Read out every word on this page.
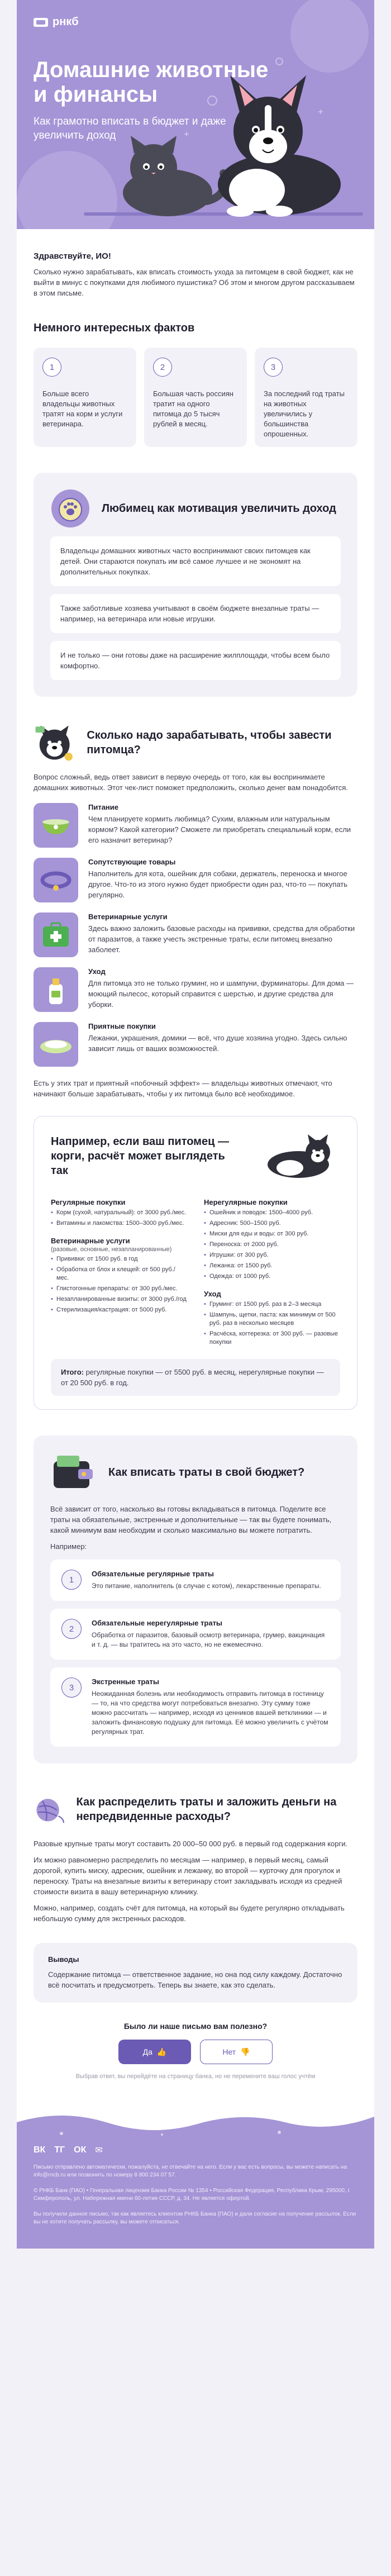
рнкб
Домашние животные и финансы
Как грамотно вписать в бюджет и даже увеличить доход
Здравствуйте, ИО!
Сколько нужно зарабатывать, как вписать стоимость ухода за питомцем в свой бюджет, как не выйти в минус с покупками для любимого пушистика? Об этом и многом другом рассказываем в этом письме.
Немного интересных фактов
1
Больше всего владельцы животных тратят на корм и услуги ветеринара.
2
Большая часть россиян тратит на одного питомца до 5 тысяч рублей в месяц.
3
За последний год траты на животных увеличились у большинства опрошенных.
Любимец как мотивация увеличить доход
Владельцы домашних животных часто воспринимают своих питомцев как детей. Они стараются покупать им всё самое лучшее и не экономят на дополнительных покупках.
Также заботливые хозяева учитывают в своём бюджете внезапные траты — например, на ветеринара или новые игрушки.
И не только — они готовы даже на расширение жилплощади, чтобы всем было комфортно.
Сколько надо зарабатывать, чтобы завести питомца?
Вопрос сложный, ведь ответ зависит в первую очередь от того, как вы воспринимаете домашних животных. Этот чек-лист поможет предположить, сколько денег вам понадобится.
Питание
Чем планируете кормить любимца? Сухим, влажным или натуральным кормом? Какой категории? Сможете ли приобретать специальный корм, если его назначит ветеринар?
Сопутствующие товары
Наполнитель для кота, ошейник для собаки, держатель, переноска и многое другое. Что-то из этого нужно будет приобрести один раз, что-то — покупать регулярно.
Ветеринарные услуги
Здесь важно заложить базовые расходы на прививки, средства для обработки от паразитов, а также учесть экстренные траты, если питомец внезапно заболеет.
Уход
Для питомца это не только груминг, но и шампуни, фурминаторы. Для дома — моющий пылесос, который справится с шерстью, и другие средства для уборки.
Приятные покупки
Лежанки, украшения, домики — всё, что душе хозяина угодно. Здесь сильно зависит лишь от ваших возможностей.
Есть у этих трат и приятный «побочный эффект» — владельцы животных отмечают, что начинают больше зарабатывать, чтобы у их питомца было всё необходимое.
Например, если ваш питомец — корги, расчёт может выглядеть так
Регулярные покупки
• Корм (сухой, натуральный): от 3000 руб./мес.
• Витамины и лакомства: 1500–3000 руб./мес.
Ветеринарные услуги
(разовые, основные, незапланированные)
• Прививки: от 1500 руб. в год
• Обработка от блох и клещей: от 500 руб./мес.
• Глистогонные препараты: от 300 руб./мес.
• Незапланированные визиты: от 3000 руб./год
• Стерилизация/кастрация: от 5000 руб.
Нерегулярные покупки
• Ошейник и поводок: 1500–4000 руб.
• Адресник: 500–1500 руб.
• Миски для еды и воды: от 300 руб.
• Переноска: от 2000 руб.
• Игрушки: от 300 руб.
• Лежанка: от 1500 руб.
• Одежда: от 1000 руб.
Уход
• Груминг: от 1500 руб. раз в 2–3 месяца
• Шампунь, щетки, паста: как минимум от 500 руб. раз в несколько месяцев
• Расчёска, когтерезка: от 300 руб. — разовые покупки
Итого: регулярные покупки — от 5500 руб. в месяц, нерегулярные покупки — от 20 500 руб. в год.
Как вписать траты в свой бюджет?
Всё зависит от того, насколько вы готовы вкладываться в питомца. Поделите все траты на обязательные, экстренные и дополнительные — так вы будете понимать, какой минимум вам необходим и сколько максимально вы можете потратить.
Например:
1
Обязательные регулярные траты
Это питание, наполнитель (в случае с котом), лекарственные препараты.
2
Обязательные нерегулярные траты
Обработка от паразитов, базовый осмотр ветеринара, грумер, вакцинация и т. д. — вы тратитесь на это часто, но не ежемесячно.
3
Экстренные траты
Неожиданная болезнь или необходимость отправить питомца в гостиницу — то, на что средства могут потребоваться внезапно. Эту сумму тоже можно рассчитать — например, исходя из ценников вашей ветклиники — и заложить финансовую подушку для питомца. Её можно увеличить с учётом регулярных трат.
Как распределить траты и заложить деньги на непредвиденные расходы?
Разовые крупные траты могут составить 20 000–50 000 руб. в первый год содержания корги.
Их можно равномерно распределить по месяцам — например, в первый месяц, самый дорогой, купить миску, адресник, ошейник и лежанку, во второй — курточку для прогулок и переноску. Траты на внезапные визиты к ветеринару стоит закладывать исходя из средней стоимости визита в вашу ветеринарную клинику.
Можно, например, создать счёт для питомца, на который вы будете регулярно откладывать небольшую сумму для экстренных расходов.
Выводы
Содержание питомца — ответственное задание, но она под силу каждому. Достаточно всё посчитать и предусмотреть. Теперь вы знаете, как это сделать.
Было ли наше письмо вам полезно?
Да 👍	Нет 👎
Выбрав ответ, вы перейдёте на страницу банка, но не перемените ваш голос учтём
ВК ТГ ОК ✉
Письмо отправлено автоматически, пожалуйста, не отвечайте на него. Если у вас есть вопросы, вы можете написать на info@rncb.ru или позвонить по номеру 8 800 234 07 57.
© РНКБ Банк (ПАО) • Генеральная лицензия Банка России № 1354 • Российская Федерация, Республика Крым, 295000, г. Симферополь, ул. Набережная имени 60-летия СССР, д. 34. Не является офертой.
Вы получили данное письмо, так как являетесь клиентом РНКБ Банка (ПАО) и дали согласие на получение рассылок. Если вы не хотите получать рассылку, вы можете отписаться.
